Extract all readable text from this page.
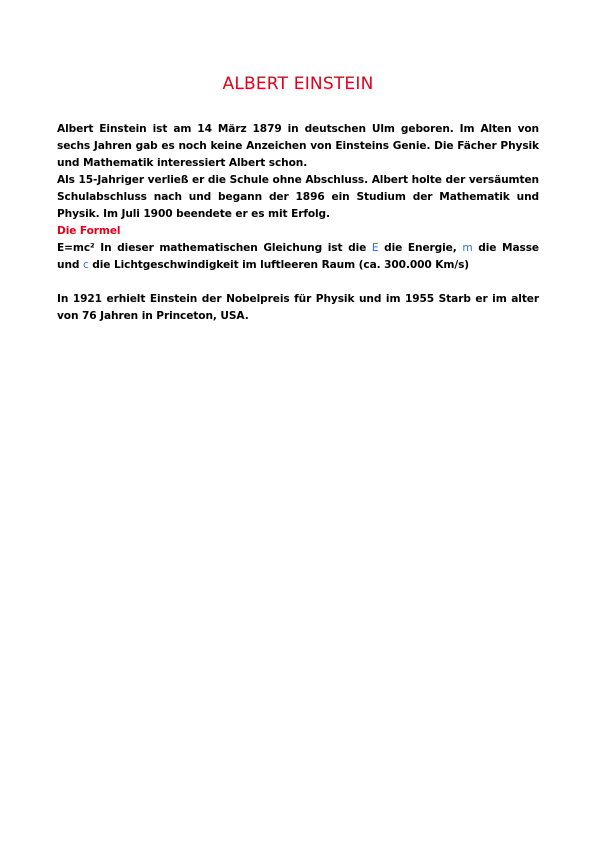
ALBERT EINSTEIN

Albert Einstein ist am 14 März 1879 in deutschen Ulm geboren. Im Alten von sechs Jahren gab es noch keine Anzeichen von Einsteins Genie. Die Fächer Physik und Mathematik interessiert Albert schon.

Als 15-Jahriger verließ er die Schule ohne Abschluss. Albert holte der versäumten Schulabschluss nach und begann der 1896 ein Studium der Mathematik und Physik. Im Juli 1900 beendete er es mit Erfolg.

Die Formel

E=mc² In dieser mathematischen Gleichung ist die E die Energie, m die Masse und c die Lichtgeschwindigkeit im luftleeren Raum (ca. 300.000 Km/s)

In 1921 erhielt Einstein der Nobelpreis für Physik und im 1955 Starb er im alter von 76 Jahren in Princeton, USA.
